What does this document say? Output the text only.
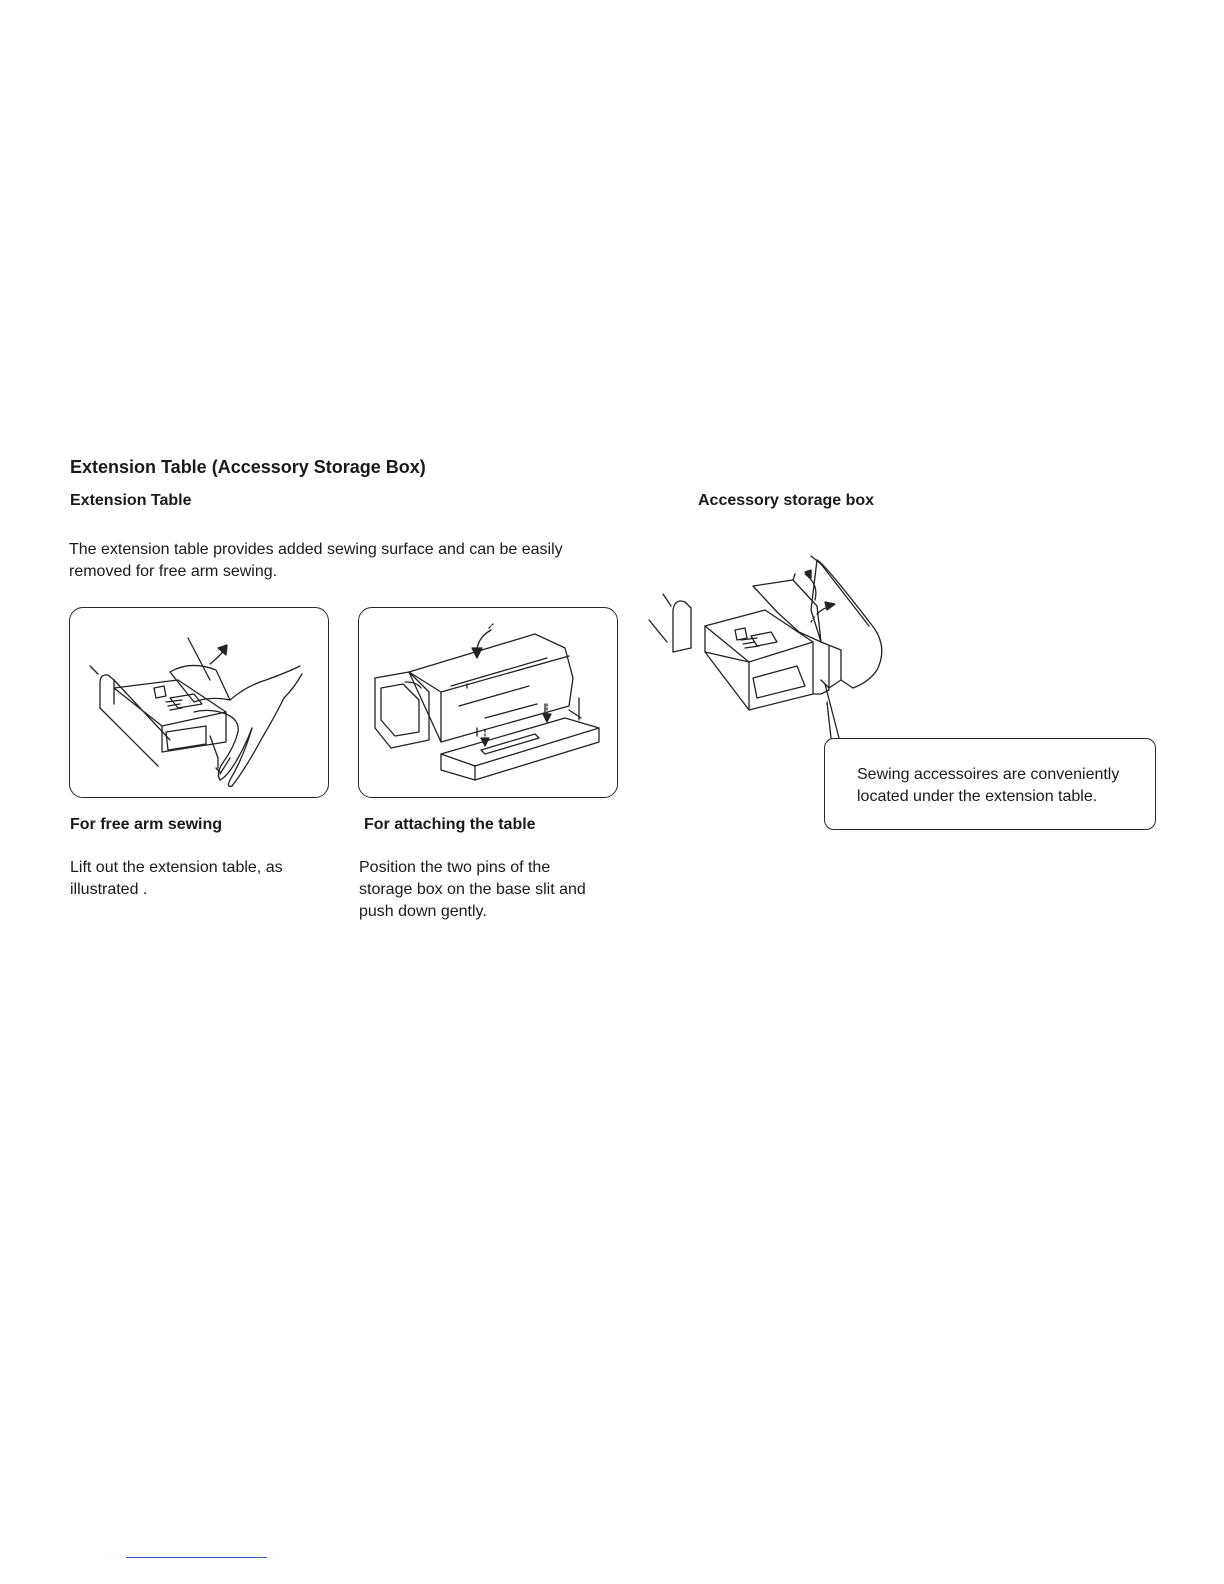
Extension Table (Accessory Storage Box)
Extension Table	Accessory storage box
The extension table provides added sewing surface and can be easily
removed for free arm sewing.
For free arm sewing	For attaching the table
Lift out the extension table, as
illustrated .
Position the two pins of the
storage box on the base slit and
push down gently.
Sewing accessoires are conveniently
located under the extension table.
